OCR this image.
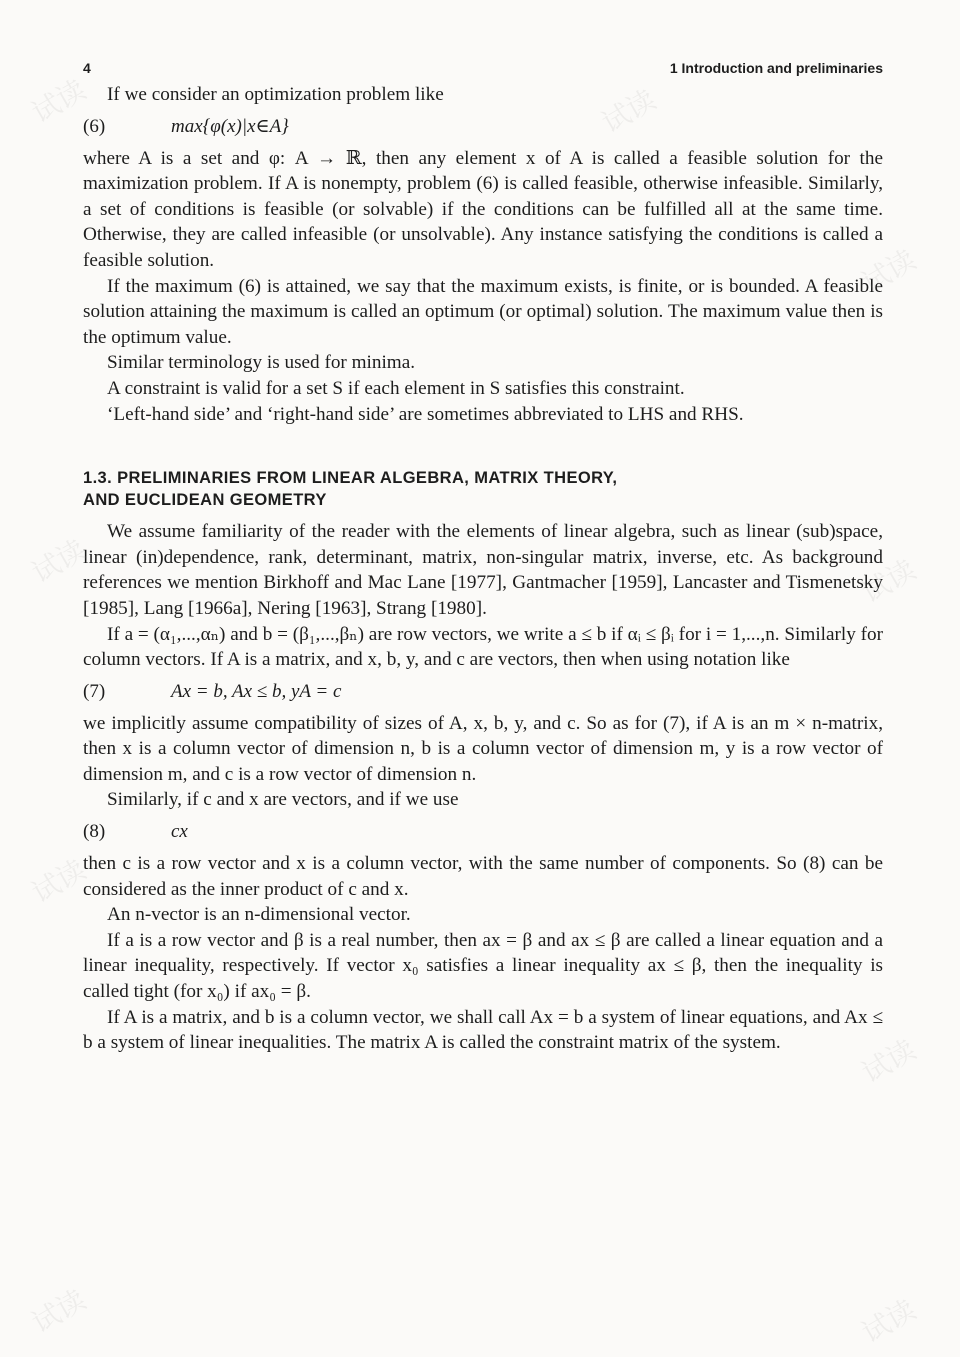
4	1 Introduction and preliminaries

If we consider an optimization problem like

(6)	max{φ(x)|x∈A}

where A is a set and φ: A → ℝ, then any element x of A is called a feasible solution for the maximization problem. If A is nonempty, problem (6) is called feasible, otherwise infeasible. Similarly, a set of conditions is feasible (or solvable) if the conditions can be fulfilled all at the same time. Otherwise, they are called infeasible (or unsolvable). Any instance satisfying the conditions is called a feasible solution.

If the maximum (6) is attained, we say that the maximum exists, is finite, or is bounded. A feasible solution attaining the maximum is called an optimum (or optimal) solution. The maximum value then is the optimum value.

Similar terminology is used for minima.

A constraint is valid for a set S if each element in S satisfies this constraint.

‘Left-hand side’ and ‘right-hand side’ are sometimes abbreviated to LHS and RHS.

1.3. PRELIMINARIES FROM LINEAR ALGEBRA, MATRIX THEORY,
AND EUCLIDEAN GEOMETRY

We assume familiarity of the reader with the elements of linear algebra, such as linear (sub)space, linear (in)dependence, rank, determinant, matrix, non-singular matrix, inverse, etc. As background references we mention Birkhoff and Mac Lane [1977], Gantmacher [1959], Lancaster and Tismenetsky [1985], Lang [1966a], Nering [1963], Strang [1980].

If a = (α₁,...,αₙ) and b = (β₁,...,βₙ) are row vectors, we write a ≤ b if αᵢ ≤ βᵢ for i = 1,...,n. Similarly for column vectors. If A is a matrix, and x, b, y, and c are vectors, then when using notation like

(7)	Ax = b, Ax ≤ b, yA = c

we implicitly assume compatibility of sizes of A, x, b, y, and c. So as for (7), if A is an m × n-matrix, then x is a column vector of dimension n, b is a column vector of dimension m, y is a row vector of dimension m, and c is a row vector of dimension n.

Similarly, if c and x are vectors, and if we use

(8)	cx

then c is a row vector and x is a column vector, with the same number of components. So (8) can be considered as the inner product of c and x.

An n-vector is an n-dimensional vector.

If a is a row vector and β is a real number, then ax = β and ax ≤ β are called a linear equation and a linear inequality, respectively. If vector x₀ satisfies a linear inequality ax ≤ β, then the inequality is called tight (for x₀) if ax₀ = β.

If A is a matrix, and b is a column vector, we shall call Ax = b a system of linear equations, and Ax ≤ b a system of linear inequalities. The matrix A is called the constraint matrix of the system.

试读	试读
试读
试读	试读
试读
试读
试读	试读
